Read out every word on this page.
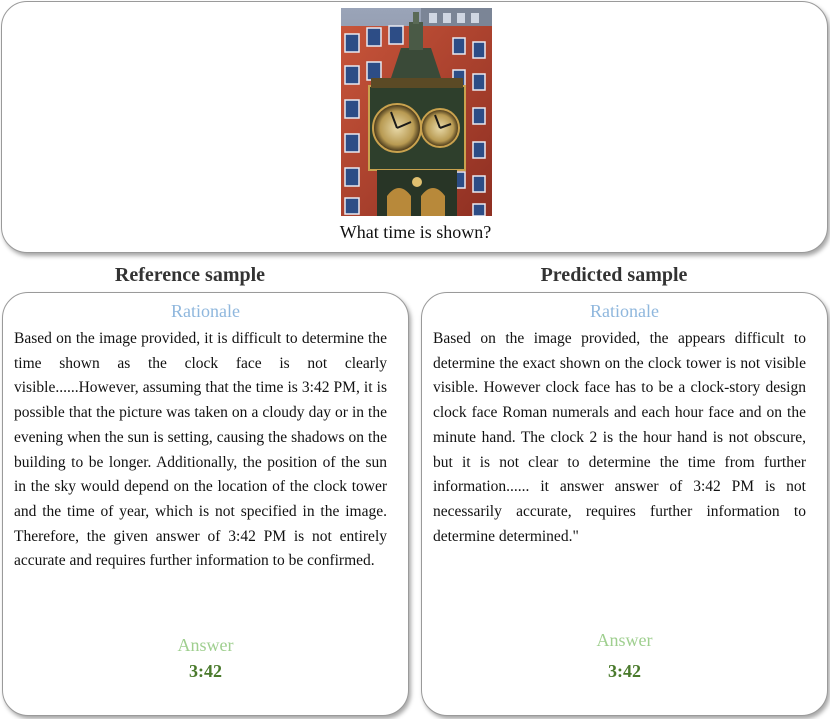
What time is shown?
Reference sample	Predicted sample
Rationale

Based on the image provided, it is difficult to determine the time shown as the clock face is not clearly visible......However, assuming that the time is 3:42 PM, it is possible that the picture was taken on a cloudy day or in the evening when the sun is setting, causing the shadows on the building to be longer. Additionally, the position of the sun in the sky would depend on the location of the clock tower and the time of year, which is not specified in the image. Therefore, the given answer of 3:42 PM is not entirely accurate and requires further information to be confirmed.

Answer
3:42
Rationale

Based on the image provided, the appears difficult to determine the exact shown on the clock tower is not visible visible. However clock face has to be a clock-story design clock face Roman numerals and each hour face and on the minute hand. The clock 2 is the hour hand is not obscure, but it is not clear to determine the time from further information...... it answer answer of 3:42 PM is not necessarily accurate, requires further information to determine determined."

Answer
3:42
